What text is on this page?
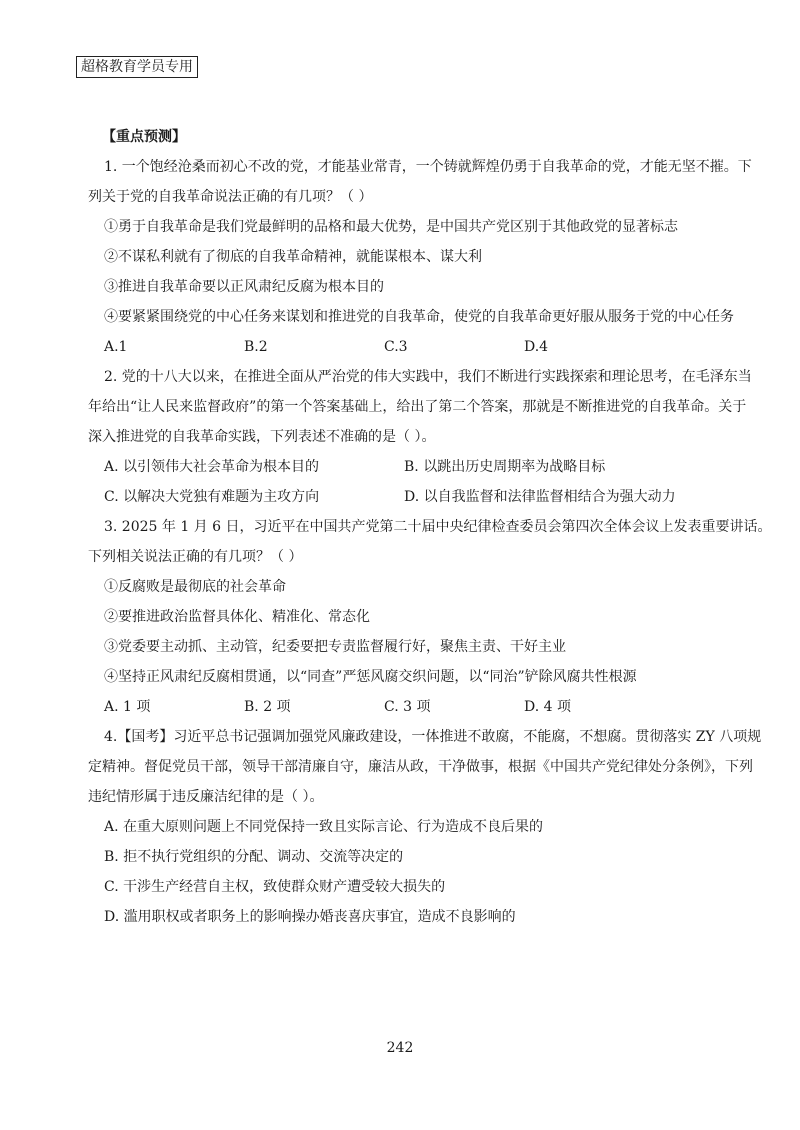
超格教育学员专用
【重点预测】
1. 一个饱经沧桑而初心不改的党，才能基业常青，一个铸就辉煌仍勇于自我革命的党，才能无坚不摧。下
列关于党的自我革命说法正确的有几项？（ ）
①勇于自我革命是我们党最鲜明的品格和最大优势，是中国共产党区别于其他政党的显著标志
②不谋私利就有了彻底的自我革命精神，就能谋根本、谋大利
③推进自我革命要以正风肃纪反腐为根本目的
④要紧紧围绕党的中心任务来谋划和推进党的自我革命，使党的自我革命更好服从服务于党的中心任务
A.1	B.2	C.3	D.4
2. 党的十八大以来，在推进全面从严治党的伟大实践中，我们不断进行实践探索和理论思考，在毛泽东当
年给出“让人民来监督政府”的第一个答案基础上，给出了第二个答案，那就是不断推进党的自我革命。关于
深入推进党的自我革命实践，下列表述不准确的是（ ）。
A. 以引领伟大社会革命为根本目的	B. 以跳出历史周期率为战略目标
C. 以解决大党独有难题为主攻方向	D. 以自我监督和法律监督相结合为强大动力
3. 2025 年 1 月 6 日，习近平在中国共产党第二十届中央纪律检查委员会第四次全体会议上发表重要讲话。
下列相关说法正确的有几项？（ ）
①反腐败是最彻底的社会革命
②要推进政治监督具体化、精准化、常态化
③党委要主动抓、主动管，纪委要把专责监督履行好，聚焦主责、干好主业
④坚持正风肃纪反腐相贯通，以“同查”严惩风腐交织问题，以“同治”铲除风腐共性根源
A. 1 项	B. 2 项	C. 3 项	D. 4 项
4.【国考】习近平总书记强调加强党风廉政建设，一体推进不敢腐，不能腐，不想腐。贯彻落实 ZY 八项规
定精神。督促党员干部，领导干部清廉自守，廉洁从政，干净做事，根据《中国共产党纪律处分条例》，下列
违纪情形属于违反廉洁纪律的是（ ）。
A. 在重大原则问题上不同党保持一致且实际言论、行为造成不良后果的
B. 拒不执行党组织的分配、调动、交流等决定的
C. 干涉生产经营自主权，致使群众财产遭受较大损失的
D. 滥用职权或者职务上的影响操办婚丧喜庆事宜，造成不良影响的
242
